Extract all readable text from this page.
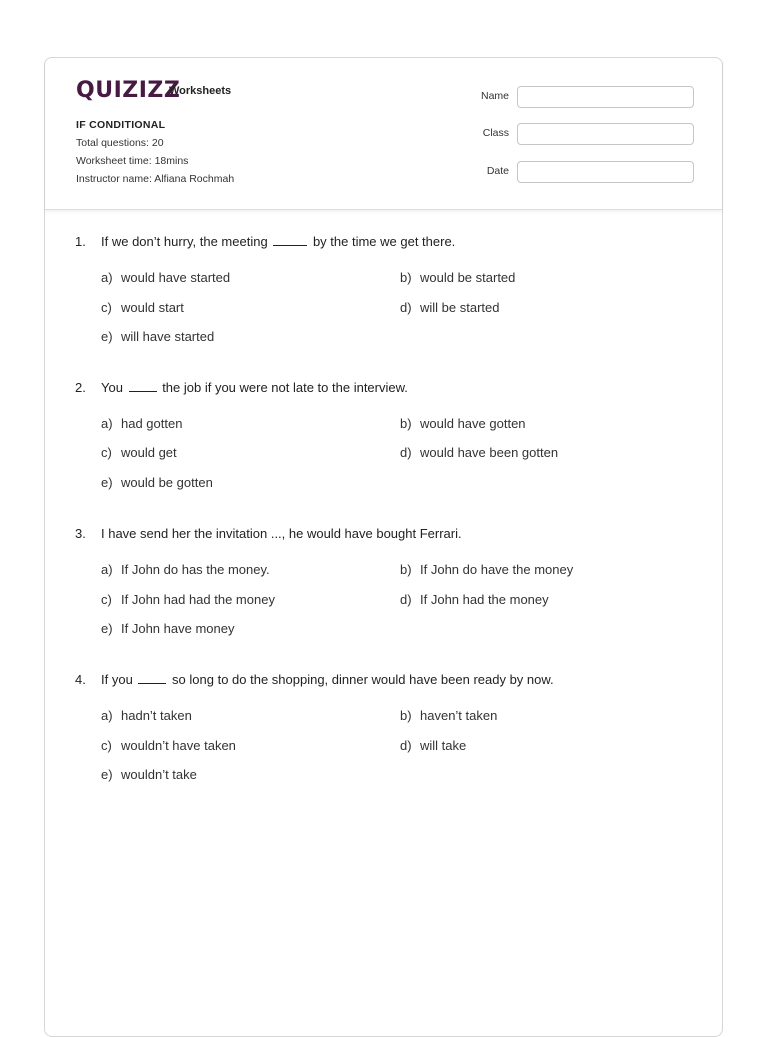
QUIZIZZ
Worksheets
IF CONDITIONAL
Total questions: 20
Worksheet time: 18mins
Instructor name: Alfiana Rochmah
Name
Class
Date
1. If we don’t hurry, the meeting	by the time we get there.
a) would have started	b) would be started
c) would start	d) will be started
e) will have started
2. You	the job if you were not late to the interview.
a) had gotten	b) would have gotten
c) would get	d) would have been gotten
e) would be gotten
3. I have send her the invitation ..., he would have bought Ferrari.
a) If John do has the money.	b) If John do have the money
c) If John had had the money	d) If John had the money
e) If John have money
4. If you	so long to do the shopping, dinner would have been ready by now.
a) hadn’t taken	b) haven’t taken
c) wouldn’t have taken	d) will take
e) wouldn’t take
